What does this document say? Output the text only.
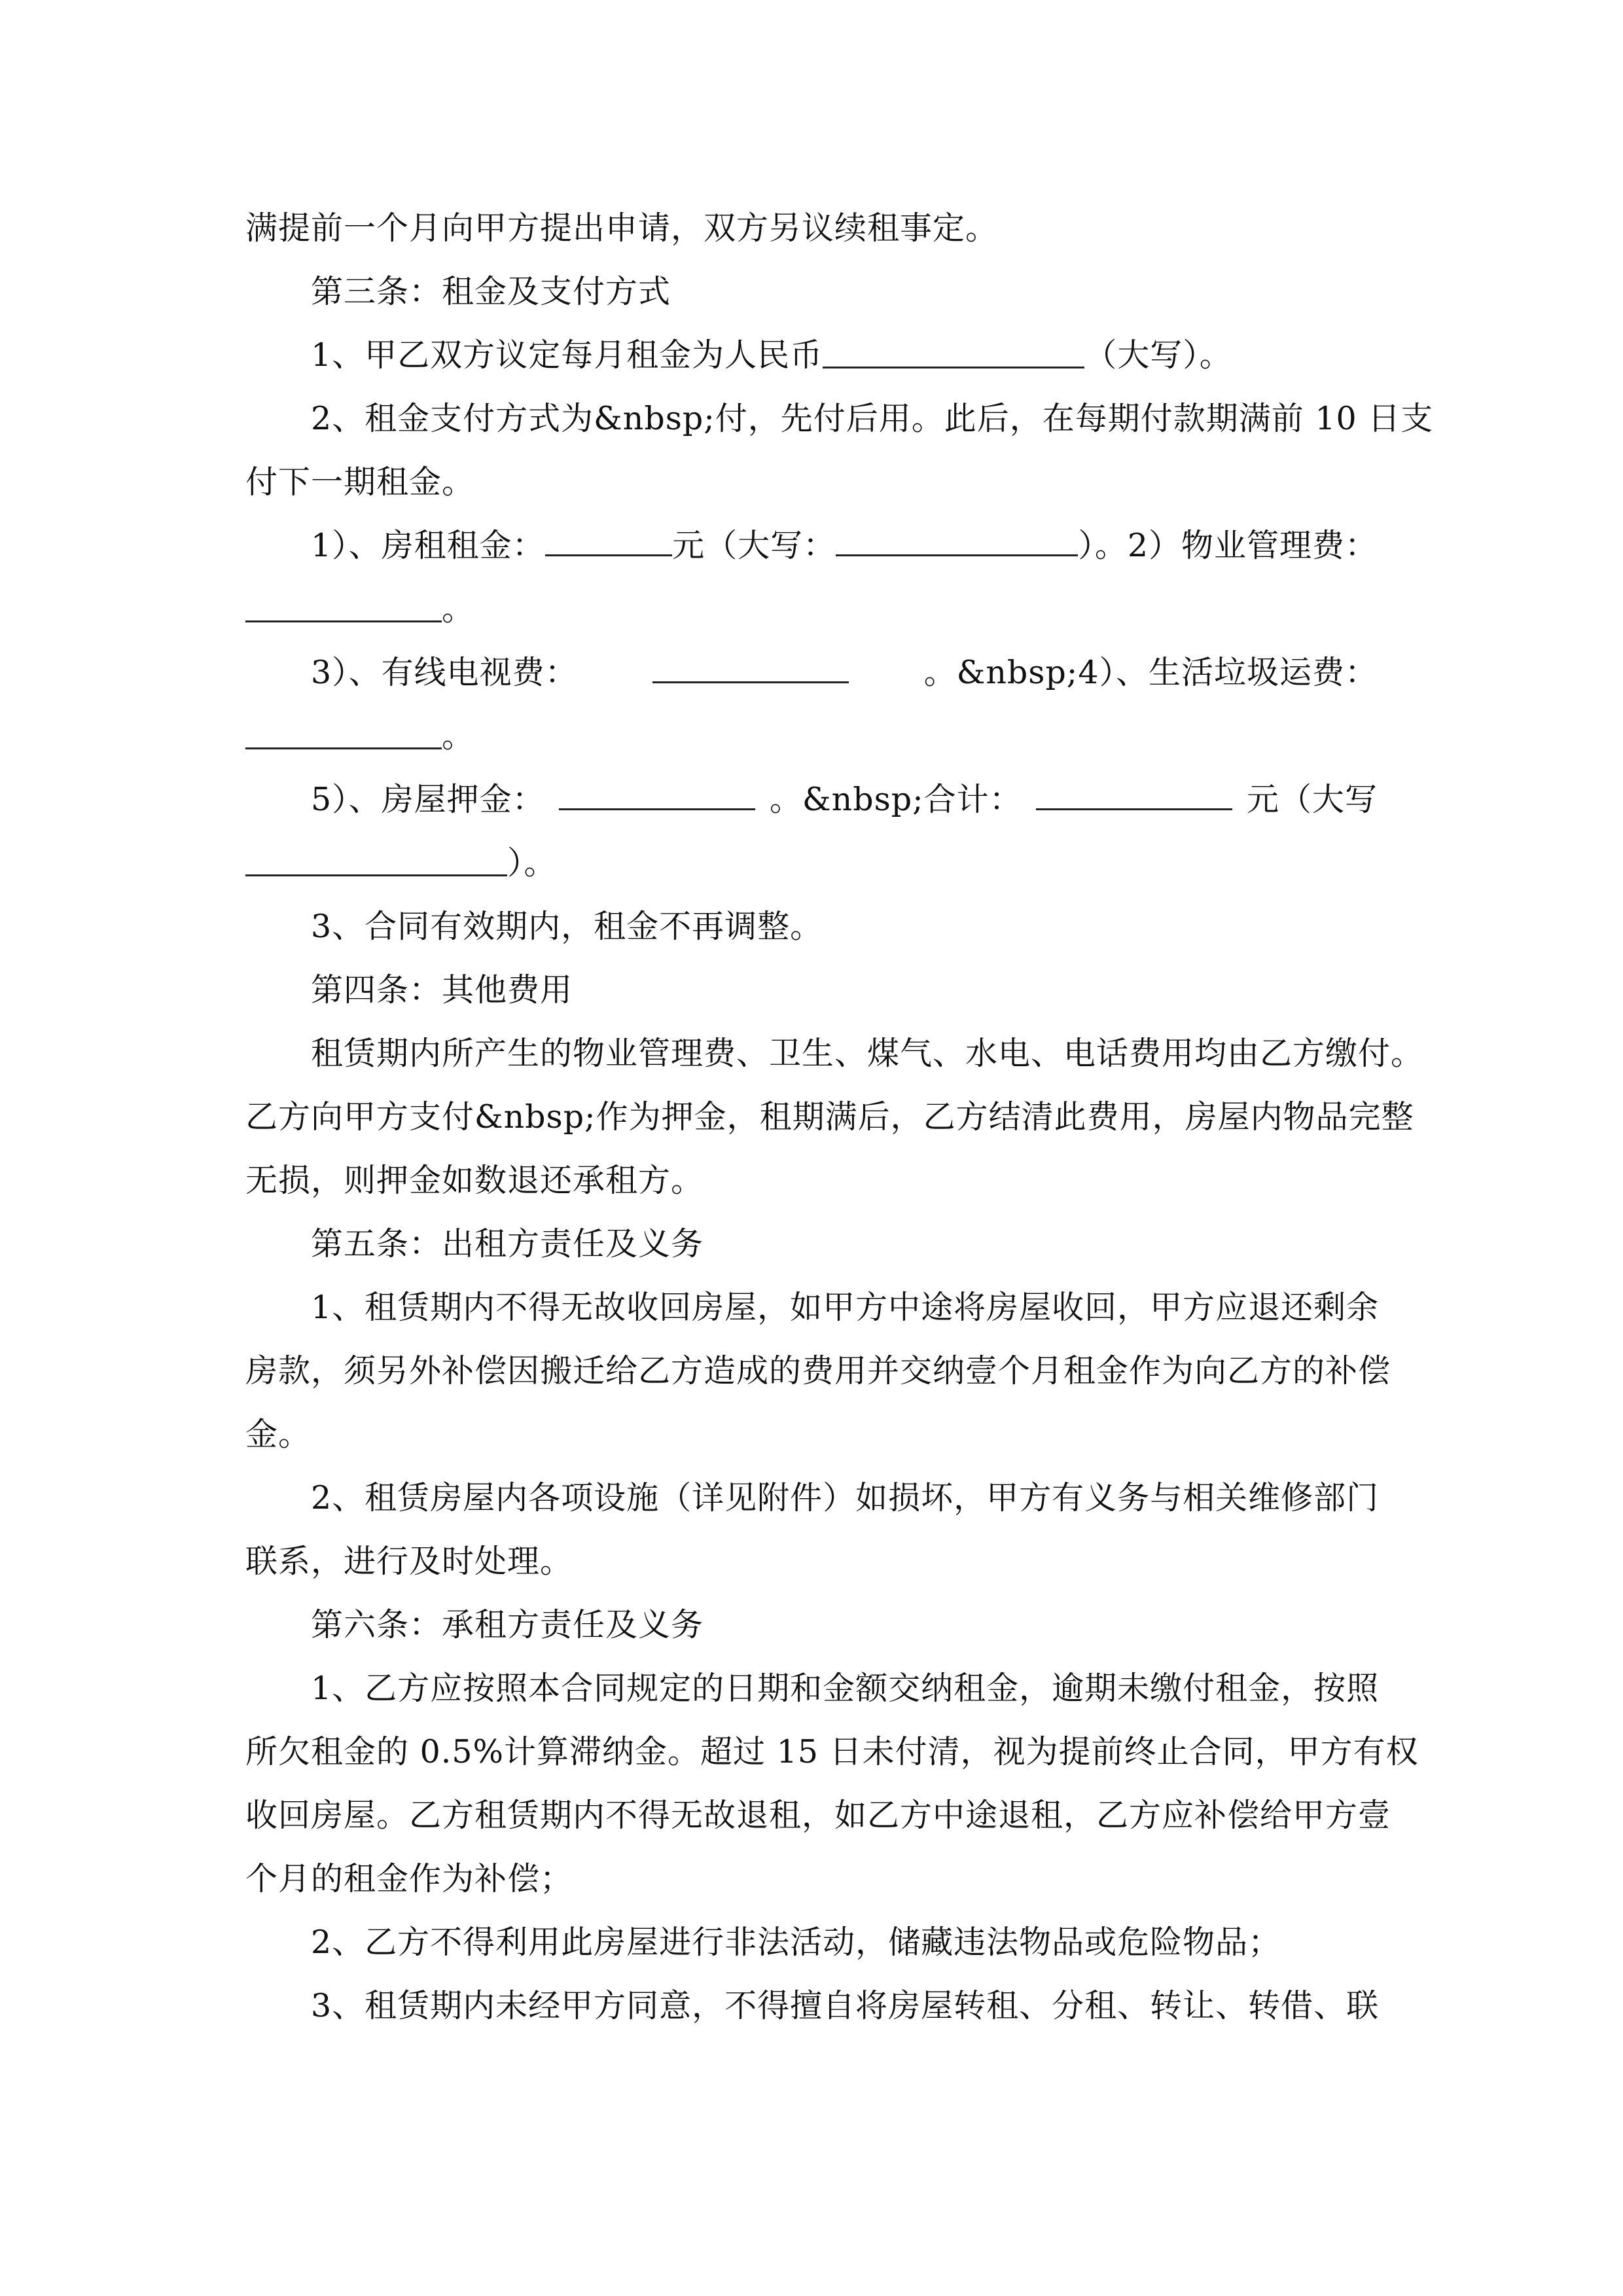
满提前一个月向甲方提出申请，双方另议续租事定。
第三条：租金及支付方式
1、甲乙双方议定每月租金为人民币	（大写）。
2、租金支付方式为&nbsp;付，先付后用。此后，在每期付款期满前 10 日支
付下一期租金。
1）、房租租金：	元（大写：	）。2）物业管理费：
。
3）、有线电视费：	。&nbsp;4）、生活垃圾运费：
。
5）、房屋押金：	。&nbsp;合计：	元（大写
）。
3、合同有效期内，租金不再调整。
第四条：其他费用
租赁期内所产生的物业管理费、卫生、煤气、水电、电话费用均由乙方缴付。
乙方向甲方支付&nbsp;作为押金，租期满后，乙方结清此费用，房屋内物品完整
无损，则押金如数退还承租方。
第五条：出租方责任及义务
1、租赁期内不得无故收回房屋，如甲方中途将房屋收回，甲方应退还剩余
房款，须另外补偿因搬迁给乙方造成的费用并交纳壹个月租金作为向乙方的补偿
金。
2、租赁房屋内各项设施（详见附件）如损坏，甲方有义务与相关维修部门
联系，进行及时处理。
第六条：承租方责任及义务
1、乙方应按照本合同规定的日期和金额交纳租金，逾期未缴付租金，按照
所欠租金的 0.5%计算滞纳金。超过 15 日未付清，视为提前终止合同，甲方有权
收回房屋。乙方租赁期内不得无故退租，如乙方中途退租，乙方应补偿给甲方壹
个月的租金作为补偿；
2、乙方不得利用此房屋进行非法活动，储藏违法物品或危险物品；
3、租赁期内未经甲方同意，不得擅自将房屋转租、分租、转让、转借、联
